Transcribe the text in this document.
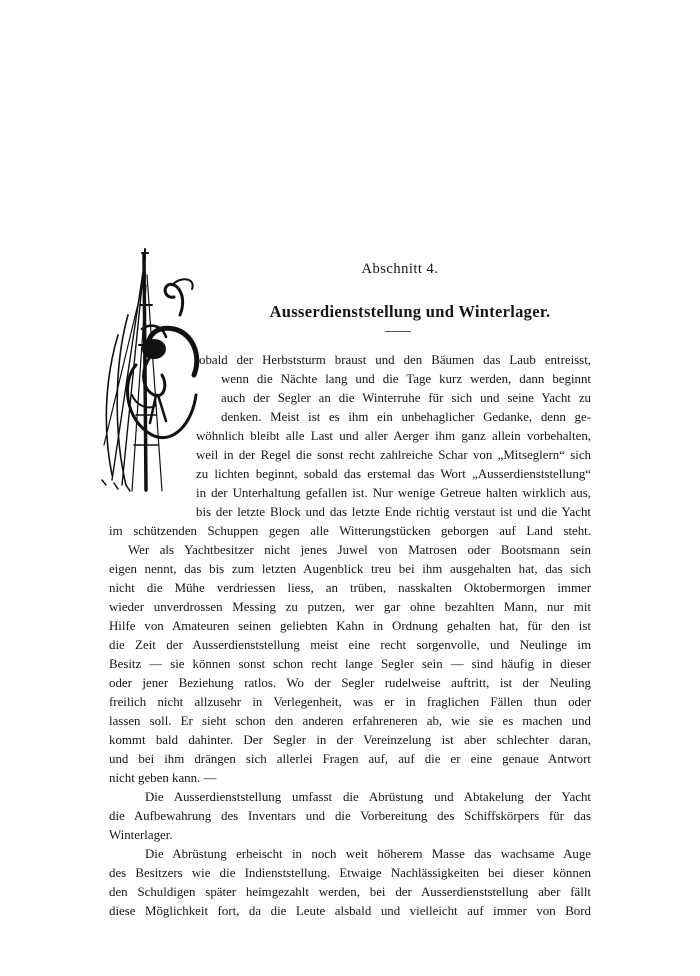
Abschnitt 4.
Ausserdienststellung und Winterlager.
obald der Herbststurm braust und den Bäumen das Laub entreisst,
wenn die Nächte lang und die Tage kurz werden, dann beginnt
auch der Segler an die Winterruhe für sich und seine Yacht zu
denken. Meist ist es ihm ein unbehaglicher Gedanke, denn ge-
wöhnlich bleibt alle Last und aller Aerger ihm ganz allein vorbehalten,
weil in der Regel die sonst recht zahlreiche Schar von „Mitseglern“ sich
zu lichten beginnt, sobald das erstemal das Wort „Ausserdienststellung“
in der Unterhaltung gefallen ist. Nur wenige Getreue halten wirklich aus,
bis der letzte Block und das letzte Ende richtig verstaut ist und die Yacht
im schützenden Schuppen gegen alle Witterungstücken geborgen auf Land steht.
Wer als Yachtbesitzer nicht jenes Juwel von Matrosen oder Bootsmann sein
eigen nennt, das bis zum letzten Augenblick treu bei ihm ausgehalten hat, das sich
nicht die Mühe verdriessen liess, an trüben, nasskalten Oktobermorgen immer
wieder unverdrossen Messing zu putzen, wer gar ohne bezahlten Mann, nur mit
Hilfe von Amateuren seinen geliebten Kahn in Ordnung gehalten hat, für den ist
die Zeit der Ausserdienststellung meist eine recht sorgenvolle, und Neulinge im
Besitz — sie können sonst schon recht lange Segler sein — sind häufig in dieser
oder jener Beziehung ratlos. Wo der Segler rudelweise auftritt, ist der Neuling
freilich nicht allzusehr in Verlegenheit, was er in fraglichen Fällen thun oder
lassen soll. Er sieht schon den anderen erfahreneren ab, wie sie es machen und
kommt bald dahinter. Der Segler in der Vereinzelung ist aber schlechter daran,
und bei ihm drängen sich allerlei Fragen auf, auf die er eine genaue Antwort
nicht geben kann. —
Die Ausserdienststellung umfasst die Abrüstung und Abtakelung der Yacht
die Aufbewahrung des Inventars und die Vorbereitung des Schiffskörpers für das
Winterlager.
Die Abrüstung erheischt in noch weit höherem Masse das wachsame Auge
des Besitzers wie die Indienststellung. Etwaige Nachlässigkeiten bei dieser können
den Schuldigen später heimgezahlt werden, bei der Ausserdienststellung aber fällt
diese Möglichkeit fort, da die Leute alsbald und vielleicht auf immer von Bord
